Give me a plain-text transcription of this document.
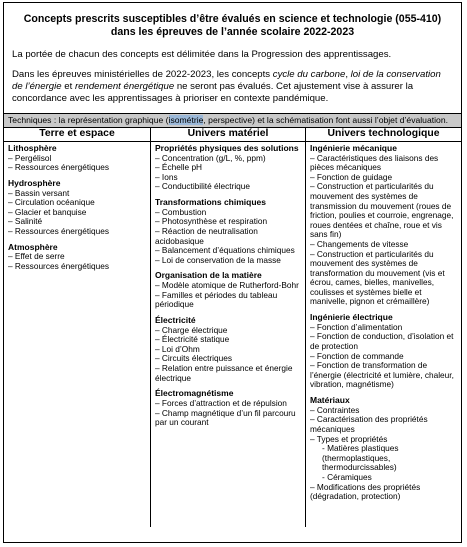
Concepts prescrits susceptibles d’être évalués en science et technologie (055-410)
dans les épreuves de l’année scolaire 2022-2023
La portée de chacun des concepts est délimitée dans la Progression des apprentissages.
Dans les épreuves ministérielles de 2022-2023, les concepts cycle du carbone, loi de la conservation de l’énergie et rendement énergétique ne seront pas évalués. Cet ajustement vise à assurer la concordance avec les apprentissages à prioriser en contexte pandémique.
Techniques : la représentation graphique (isométrie, perspective) et la schématisation font aussi l’objet d’évaluation.
Terre et espace
Lithosphère
– Pergélisol
– Ressources énergétiques
Hydrosphère
– Bassin versant
– Circulation océanique
– Glacier et banquise
– Salinité
– Ressources énergétiques
Atmosphère
– Effet de serre
– Ressources énergétiques
Univers matériel
Propriétés physiques des solutions
– Concentration (g/L, %, ppm)
– Échelle pH
– Ions
– Conductibilité électrique
Transformations chimiques
– Combustion
– Photosynthèse et respiration
– Réaction de neutralisation acidobasique
– Balancement d’équations chimiques
– Loi de conservation de la masse
Organisation de la matière
– Modèle atomique de Rutherford-Bohr
– Familles et périodes du tableau périodique
Électricité
– Charge électrique
– Électricité statique
– Loi d’Ohm
– Circuits électriques
– Relation entre puissance et énergie électrique
Électromagnétisme
– Forces d’attraction et de répulsion
– Champ magnétique d’un fil parcouru par un courant
Univers technologique
Ingénierie mécanique
– Caractéristiques des liaisons des pièces mécaniques
– Fonction de guidage
– Construction et particularités du mouvement des systèmes de transmission du mouvement (roues de friction, poulies et courroie, engrenage, roues dentées et chaîne, roue et vis sans fin)
– Changements de vitesse
– Construction et particularités du mouvement des systèmes de transformation du mouvement (vis et écrou, cames, bielles, manivelles, coulisses et systèmes bielle et manivelle, pignon et crémaillère)
Ingénierie électrique
– Fonction d’alimentation
– Fonction de conduction, d’isolation et de protection
– Fonction de commande
– Fonction de transformation de l’énergie (électricité et lumière, chaleur, vibration, magnétisme)
Matériaux
– Contraintes
– Caractérisation des propriétés mécaniques
– Types et propriétés
- Matières plastiques (thermoplastiques, thermodurcissables)
- Céramiques
– Modifications des propriétés (dégradation, protection)
